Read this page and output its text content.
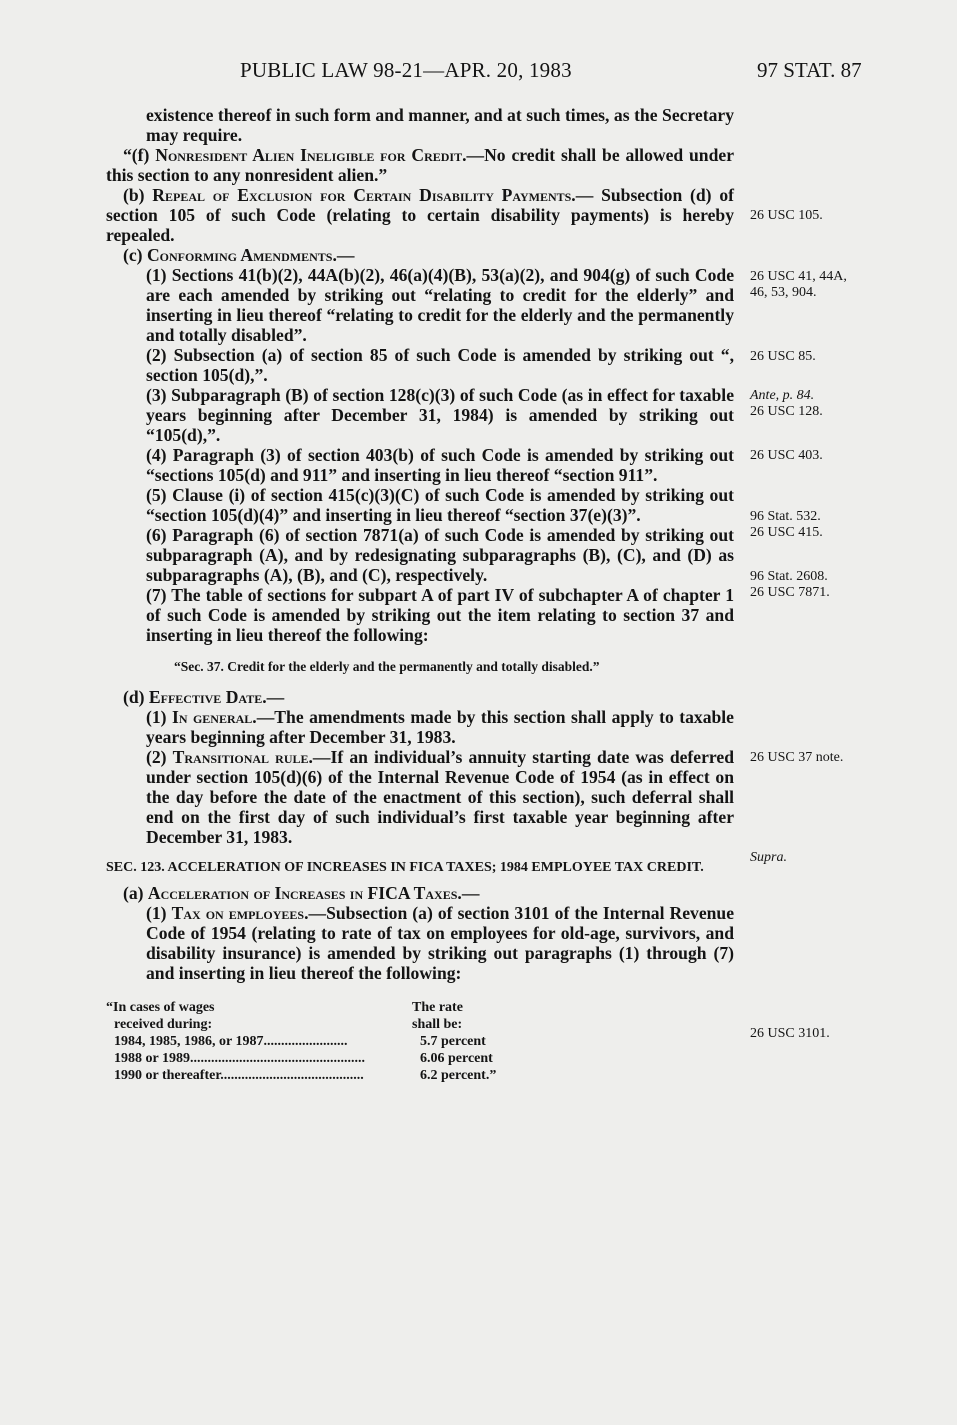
PUBLIC LAW 98-21—APR. 20, 1983	97 STAT. 87

existence thereof in such form and manner, and at such times, as the Secretary may require.

“(f) Nonresident Alien Ineligible for Credit.—No credit shall be allowed under this section to any nonresident alien.”

(b) Repeal of Exclusion for Certain Disability Payments.— Subsection (d) of section 105 of such Code (relating to certain disability payments) is hereby repealed.

(c) Conforming Amendments.—

(1) Sections 41(b)(2), 44A(b)(2), 46(a)(4)(B), 53(a)(2), and 904(g) of such Code are each amended by striking out “relating to credit for the elderly” and inserting in lieu thereof “relating to credit for the elderly and the permanently and totally disabled”.

(2) Subsection (a) of section 85 of such Code is amended by striking out “, section 105(d),”.

(3) Subparagraph (B) of section 128(c)(3) of such Code (as in effect for taxable years beginning after December 31, 1984) is amended by striking out “105(d),”.

(4) Paragraph (3) of section 403(b) of such Code is amended by striking out “sections 105(d) and 911” and inserting in lieu thereof “section 911”.

(5) Clause (i) of section 415(c)(3)(C) of such Code is amended by striking out “section 105(d)(4)” and inserting in lieu thereof “section 37(e)(3)”.

(6) Paragraph (6) of section 7871(a) of such Code is amended by striking out subparagraph (A), and by redesignating subparagraphs (B), (C), and (D) as subparagraphs (A), (B), and (C), respectively.

(7) The table of sections for subpart A of part IV of subchapter A of chapter 1 of such Code is amended by striking out the item relating to section 37 and inserting in lieu thereof the following:

“Sec. 37. Credit for the elderly and the permanently and totally disabled.”

(d) Effective Date.—

(1) In general.—The amendments made by this section shall apply to taxable years beginning after December 31, 1983.

(2) Transitional rule.—If an individual’s annuity starting date was deferred under section 105(d)(6) of the Internal Revenue Code of 1954 (as in effect on the day before the date of the enactment of this section), such deferral shall end on the first day of such individual’s first taxable year beginning after December 31, 1983.

SEC. 123. ACCELERATION OF INCREASES IN FICA TAXES; 1984 EMPLOYEE TAX CREDIT.

(a) Acceleration of Increases in FICA Taxes.—

(1) Tax on employees.—Subsection (a) of section 3101 of the Internal Revenue Code of 1954 (relating to rate of tax on employees for old-age, survivors, and disability insurance) is amended by striking out paragraphs (1) through (7) and inserting in lieu thereof the following:

“In cases of wages
received during:
The rate
shall be:
1984, 1985, 1986, or 1987........................	5.7 percent
1988 or 1989..................................................	6.06 percent
1990 or thereafter.........................................	6.2 percent.”
26 USC 105.
26 USC 41, 44A,
46, 53, 904.
26 USC 85.
Ante, p. 84.
26 USC 128.
26 USC 403.
96 Stat. 532.
26 USC 415.
96 Stat. 2608.
26 USC 7871.
26 USC 37 note.
Supra.
26 USC 3101.
